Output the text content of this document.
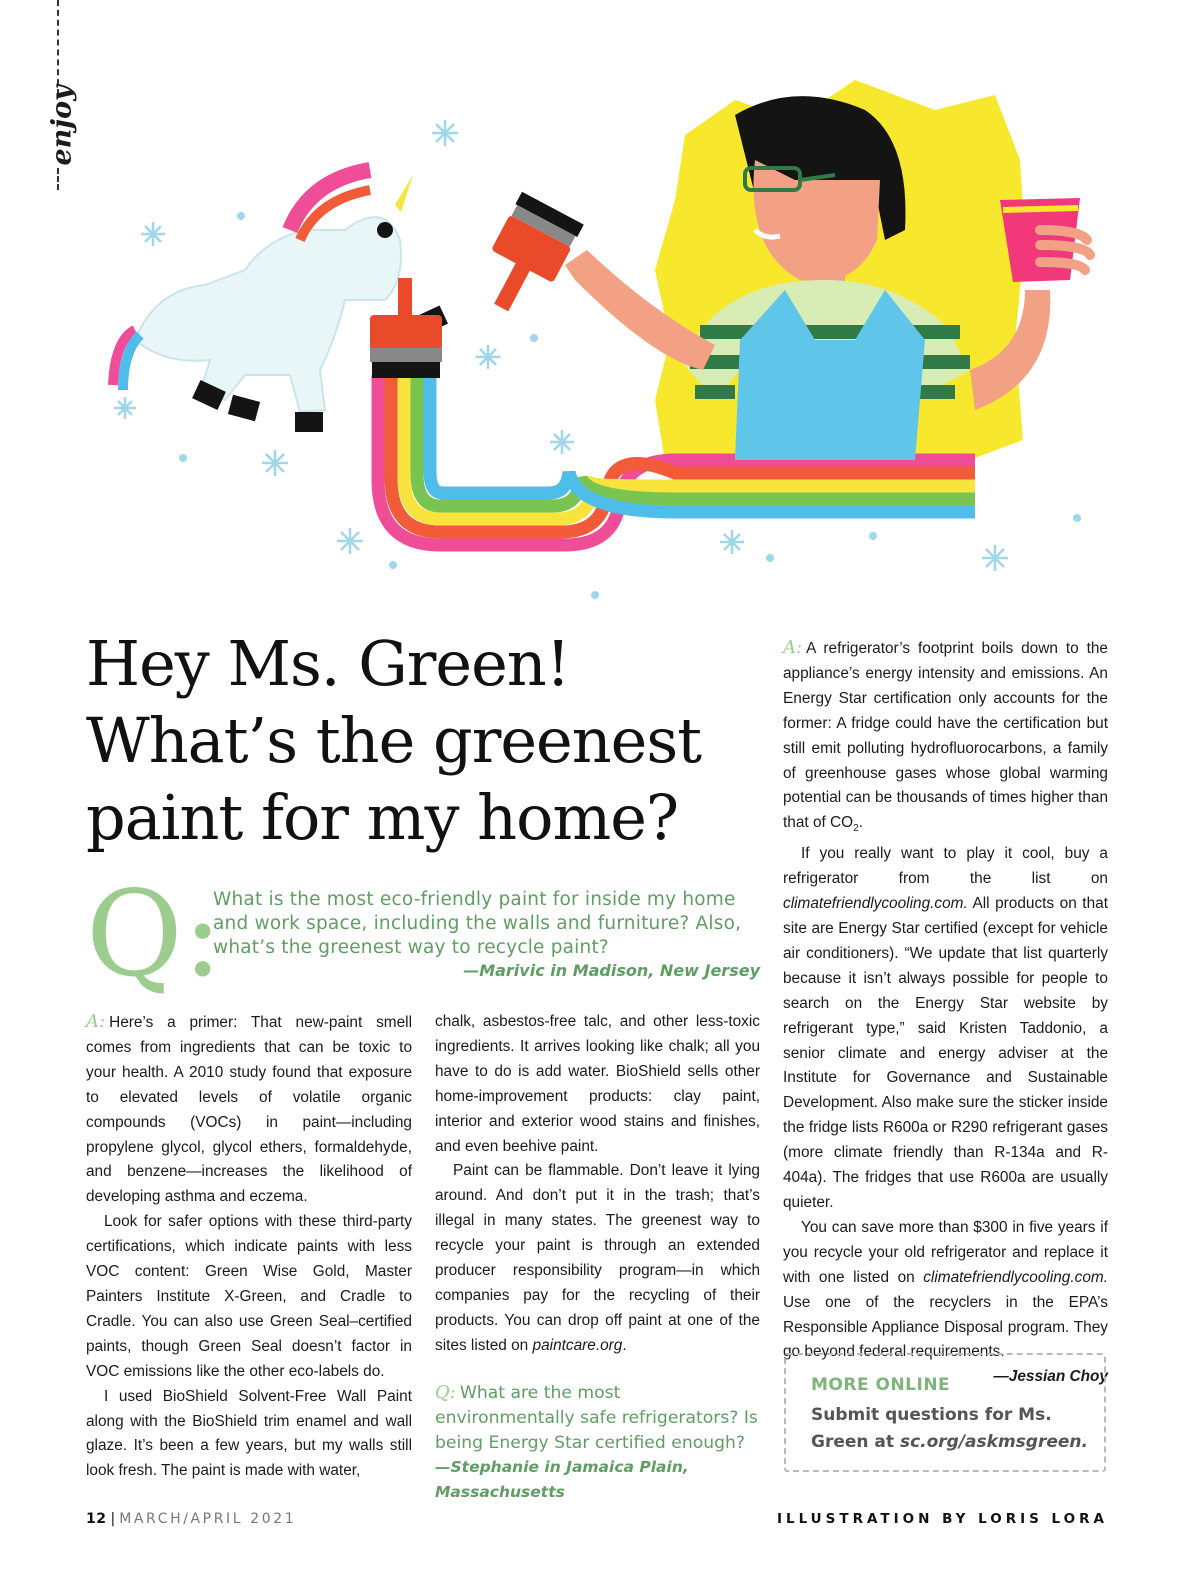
enjoy
Hey Ms. Green!
What’s the greenest
paint for my home?
Q:

What is the most eco-friendly paint for inside my home and work space, including the walls and furniture? Also, what’s the greenest way to recycle paint?

—Marivic in Madison, New Jersey

A: Here’s a primer: That new-paint smell comes from ingredients that can be toxic to your health. A 2010 study found that exposure to elevated levels of volatile organic compounds (VOCs) in paint—including propylene glycol, glycol ethers, formaldehyde, and benzene—increases the likelihood of developing asthma and eczema.

Look for safer options with these third-party certifications, which indicate paints with less VOC content: Green Wise Gold, Master Painters Institute X-Green, and Cradle to Cradle. You can also use Green Seal–certified paints, though Green Seal doesn’t factor in VOC emissions like the other eco-labels do.

I used BioShield Solvent-Free Wall Paint along with the BioShield trim enamel and wall glaze. It’s been a few years, but my walls still look fresh. The paint is made with water,

chalk, asbestos-free talc, and other less-toxic ingredients. It arrives looking like chalk; all you have to do is add water. BioShield sells other home-improvement products: clay paint, interior and exterior wood stains and finishes, and even beehive paint.

Paint can be flammable. Don’t leave it lying around. And don’t put it in the trash; that’s illegal in many states. The greenest way to recycle your paint is through an extended producer responsibility program—in which companies pay for the recycling of their products. You can drop off paint at one of the sites listed on paintcare.org.

Q: What are the most environmentally safe refrigerators? Is being Energy Star certified enough? —Stephanie in Jamaica Plain, Massachusetts

A: A refrigerator’s footprint boils down to the appliance’s energy intensity and emissions. An Energy Star certification only accounts for the former: A fridge could have the certification but still emit polluting hydrofluorocarbons, a family of greenhouse gases whose global warming potential can be thousands of times higher than that of $CO_2$.

If you really want to play it cool, buy a refrigerator from the list on climatefriendlycooling.com. All products on that site are Energy Star certified (except for vehicle air conditioners). “We update that list quarterly because it isn’t always possible for people to search on the Energy Star website by refrigerant type,” said Kristen Taddonio, a senior climate and energy adviser at the Institute for Governance and Sustainable Development. Also make sure the sticker inside the fridge lists R600a or R290 refrigerant gases (more climate friendly than R-134a and R-404a). The fridges that use R600a are usually quieter.

You can save more than $300 in five years if you recycle your old refrigerator and replace it with one listed on climatefriendlycooling.com. Use one of the recyclers in the EPA’s Responsible Appliance Disposal program. They go beyond federal requirements.

—Jessian Choy

MORE ONLINE
Submit questions for Ms. Green at sc.org/askmsgreen.
12 | MARCH/APRIL 2021	ILLUSTRATION BY LORIS LORA
